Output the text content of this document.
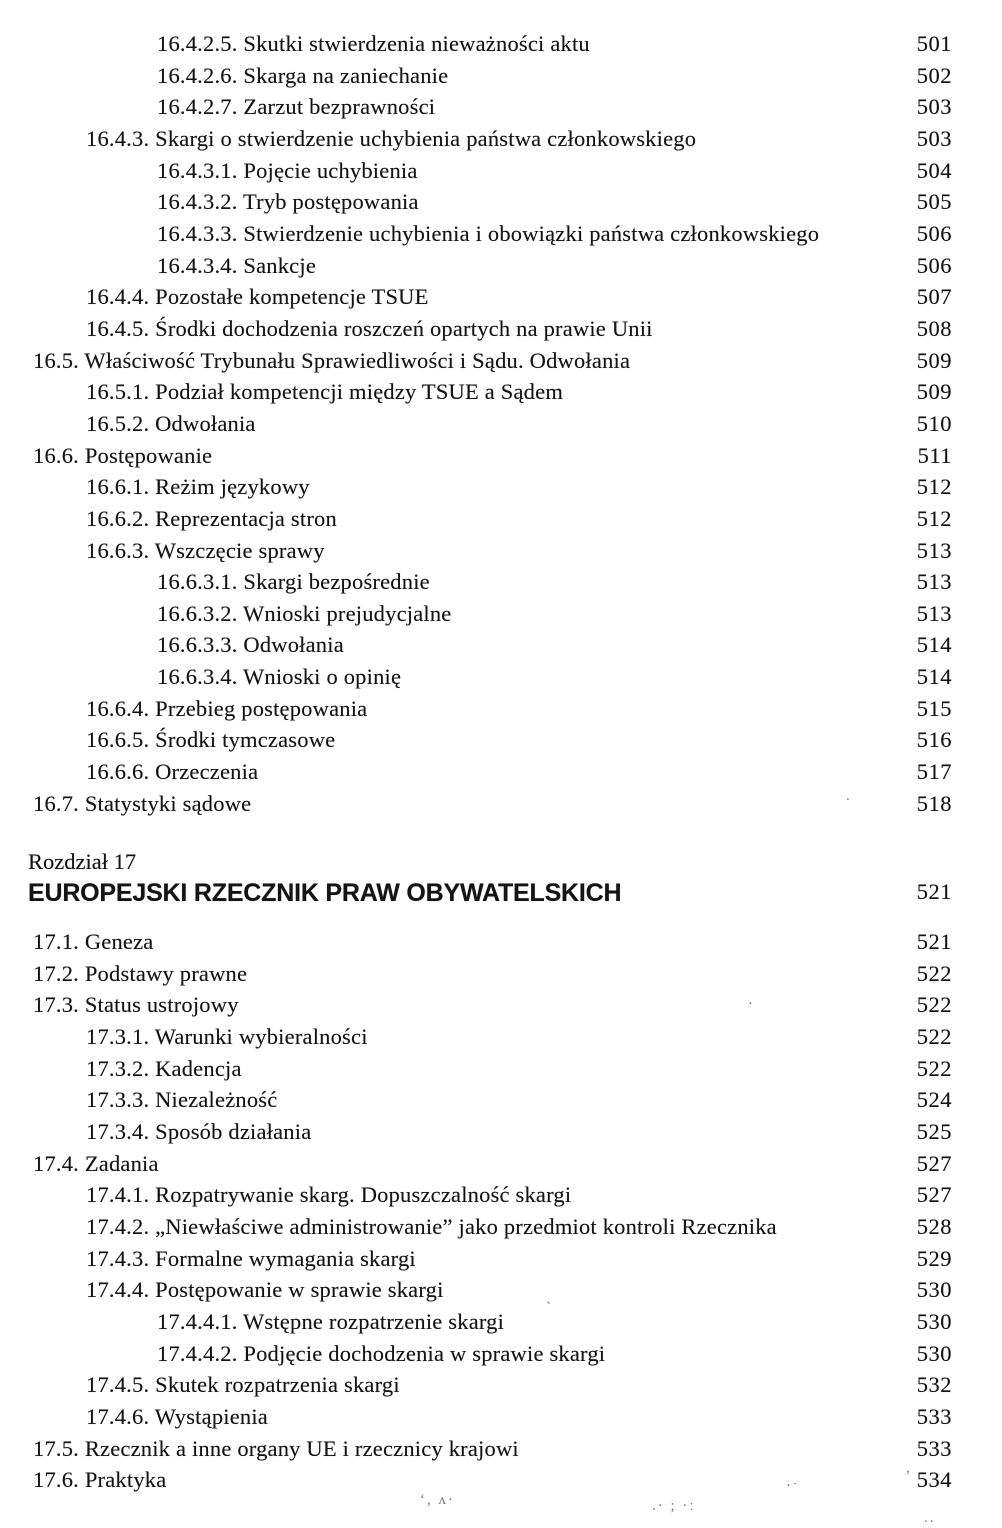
16.4.2.5. Skutki stwierdzenia nieważności aktu	501
16.4.2.6. Skarga na zaniechanie	502
16.4.2.7. Zarzut bezprawności	503
16.4.3. Skargi o stwierdzenie uchybienia państwa członkowskiego	503
16.4.3.1. Pojęcie uchybienia	504
16.4.3.2. Tryb postępowania	505
16.4.3.3. Stwierdzenie uchybienia i obowiązki państwa członkowskiego	506
16.4.3.4. Sankcje	506
16.4.4. Pozostałe kompetencje TSUE	507
16.4.5. Środki dochodzenia roszczeń opartych na prawie Unii	508
16.5. Właściwość Trybunału Sprawiedliwości i Sądu. Odwołania	509
16.5.1. Podział kompetencji między TSUE a Sądem	509
16.5.2. Odwołania	510
16.6. Postępowanie	511
16.6.1. Reżim językowy	512
16.6.2. Reprezentacja stron	512
16.6.3. Wszczęcie sprawy	513
16.6.3.1. Skargi bezpośrednie	513
16.6.3.2. Wnioski prejudycjalne	513
16.6.3.3. Odwołania	514
16.6.3.4. Wnioski o opinię	514
16.6.4. Przebieg postępowania	515
16.6.5. Środki tymczasowe	516
16.6.6. Orzeczenia	517
16.7. Statystyki sądowe	518
Rozdział 17
EUROPEJSKI RZECZNIK PRAW OBYWATELSKICH	521
17.1. Geneza	521
17.2. Podstawy prawne	522
17.3. Status ustrojowy	522
17.3.1. Warunki wybieralności	522
17.3.2. Kadencja	522
17.3.3. Niezależność	524
17.3.4. Sposób działania	525
17.4. Zadania	527
17.4.1. Rozpatrywanie skarg. Dopuszczalność skargi	527
17.4.2. „Niewłaściwe administrowanie” jako przedmiot kontroli Rzecznika	528
17.4.3. Formalne wymagania skargi	529
17.4.4. Postępowanie w sprawie skargi	530
17.4.4.1. Wstępne rozpatrzenie skargi	530
17.4.4.2. Podjęcie dochodzenia w sprawie skargi	530
17.4.5. Skutek rozpatrzenia skargi	532
17.4.6. Wystąpienia	533
17.5. Rzecznik a inne organy UE i rzecznicy krajowi	533
17.6. Praktyka	534
.
·
`
·ˑ
,
ʻ, ʌ·	.· ; ·ː
..
